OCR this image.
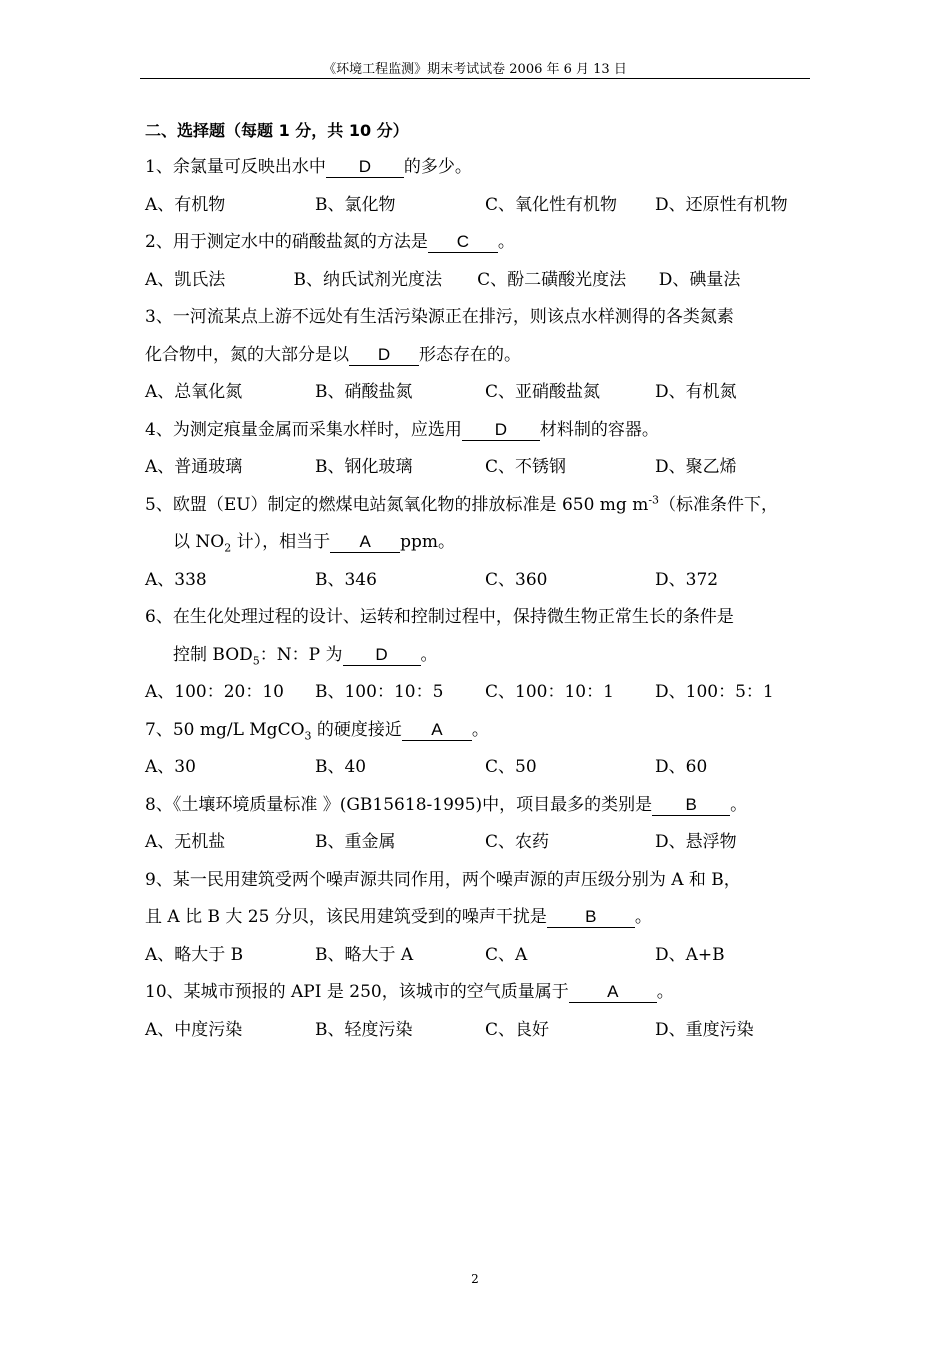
《环境工程监测》期末考试试卷 2006 年 6 月 13 日
二、选择题（每题 1 分，共 10 分）
1、余氯量可反映出水中 D 的多少。
A、有机物	B、氯化物	C、氧化性有机物	D、还原性有机物
2、用于测定水中的硝酸盐氮的方法是 C 。
A、凯氏法	B、纳氏试剂光度法	C、酚二磺酸光度法	D、碘量法
3、一河流某点上游不远处有生活污染源正在排污，则该点水样测得的各类氮素
化合物中，氮的大部分是以 D 形态存在的。
A、总氧化氮	B、硝酸盐氮	C、亚硝酸盐氮	D、有机氮
4、为测定痕量金属而采集水样时，应选用 D 材料制的容器。
A、普通玻璃	B、钢化玻璃	C、不锈钢	D、聚乙烯
5、欧盟（EU）制定的燃煤电站氮氧化物的排放标准是 650 mg $m^{-3}$（标准条件下，
以 $NO_2$ 计），相当于 A ppm。
A、338	B、346	C、360	D、372
6、在生化处理过程的设计、运转和控制过程中，保持微生物正常生长的条件是
控制 $BOD_5$：N：P 为 D 。
A、100：20：10	B、100：10：5	C、100：10：1	D、100：5：1
7、50 mg/L MgCO$_3$ 的硬度接近 A 。
A、30	B、40	C、50	D、60
8、《土壤环境质量标准 》(GB15618-1995)中，项目最多的类别是 B 。
A、无机盐	B、重金属	C、农药	D、悬浮物
9、某一民用建筑受两个噪声源共同作用，两个噪声源的声压级分别为 A 和 B，
且 A 比 B 大 25 分贝，该民用建筑受到的噪声干扰是 B 。
A、略大于 B	B、略大于 A	C、A	D、A+B
10、某城市预报的 API 是 250，该城市的空气质量属于 A 。
A、中度污染	B、轻度污染	C、良好	D、重度污染
2
